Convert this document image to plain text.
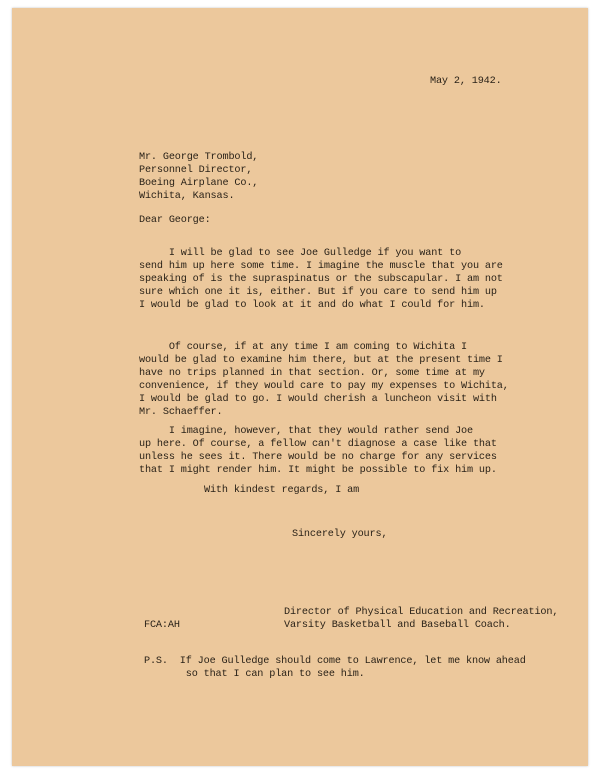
May 2, 1942.

Mr. George Trombold,

Personnel Director,

Boeing Airplane Co.,

Wichita, Kansas.

Dear George:

I will be glad to see Joe Gulledge if you want to

send him up here some time. I imagine the muscle that you are

speaking of is the supraspinatus or the subscapular. I am not

sure which one it is, either. But if you care to send him up

I would be glad to look at it and do what I could for him.

Of course, if at any time I am coming to Wichita I

would be glad to examine him there, but at the present time I

have no trips planned in that section. Or, some time at my

convenience, if they would care to pay my expenses to Wichita,

I would be glad to go. I would cherish a luncheon visit with

Mr. Schaeffer.

I imagine, however, that they would rather send Joe

up here. Of course, a fellow can't diagnose a case like that

unless he sees it. There would be no charge for any services

that I might render him. It might be possible to fix him up.

With kindest regards, I am

Sincerely yours,

Director of Physical Education and Recreation,

Varsity Basketball and Baseball Coach.

FCA:AH

P.S.  If Joe Gulledge should come to Lawrence, let me know ahead

so that I can plan to see him.
